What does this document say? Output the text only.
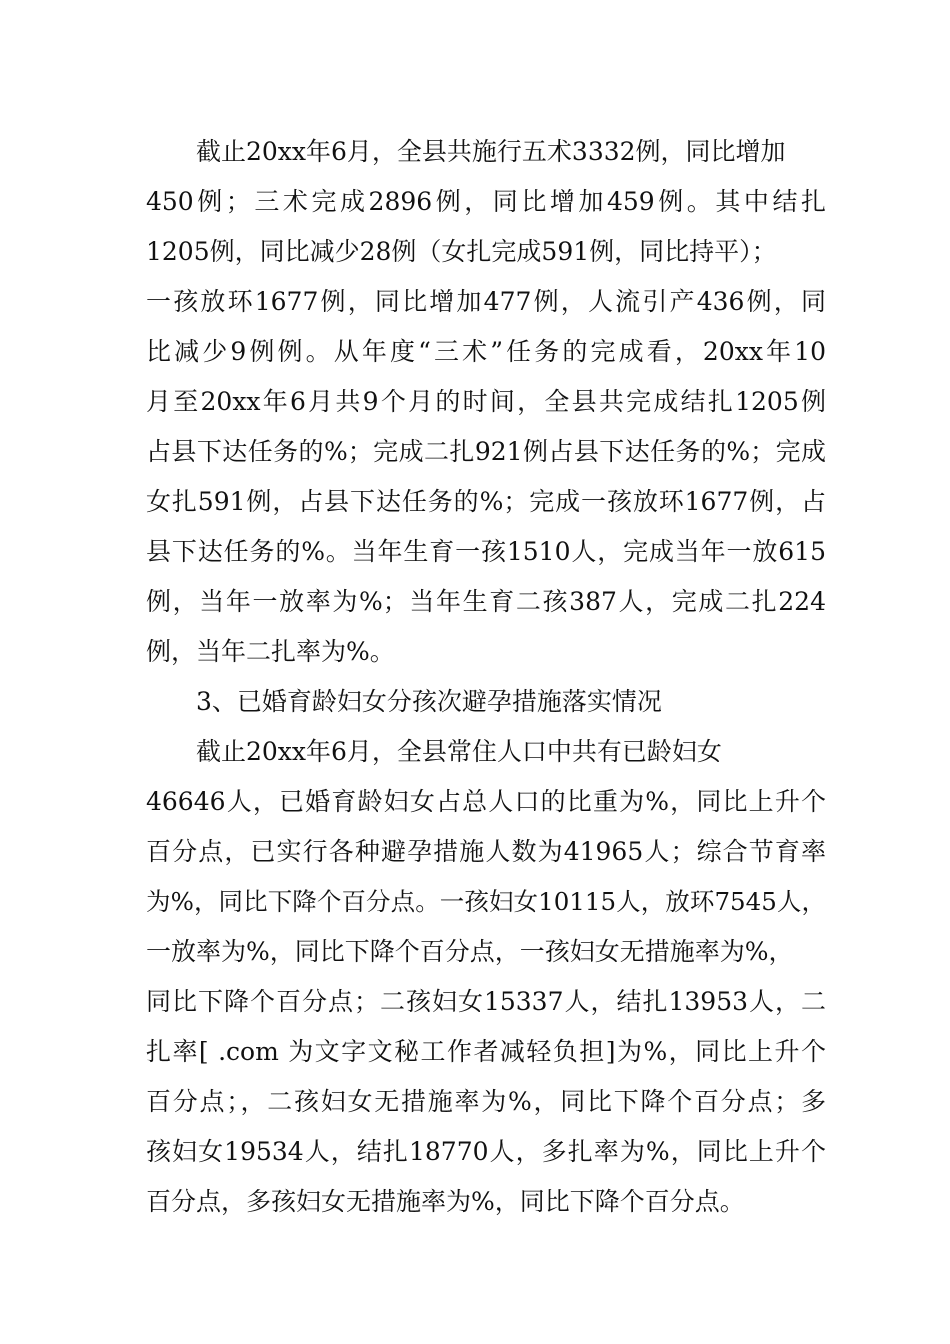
　　截止20xx年6月，全县共施行五术3332例，同比增加
450例；三术完成2896例，同比增加459例。其中结扎
1205例，同比减少28例（女扎完成591例，同比持平）；
一孩放环1677例，同比增加477例，人流引产436例，同
比减少9例例。从年度“三术”任务的完成看，20xx年10
月至20xx年6月共9个月的时间，全县共完成结扎1205例
占县下达任务的%；完成二扎921例占县下达任务的%；完成
女扎591例，占县下达任务的%；完成一孩放环1677例，占
县下达任务的%。当年生育一孩1510人，完成当年一放615
例，当年一放率为%；当年生育二孩387人，完成二扎224
例，当年二扎率为%。
　　3、已婚育龄妇女分孩次避孕措施落实情况
　　截止20xx年6月，全县常住人口中共有已龄妇女
46646人，已婚育龄妇女占总人口的比重为%，同比上升个
百分点，已实行各种避孕措施人数为41965人；综合节育率
为%，同比下降个百分点。一孩妇女10115人，放环7545人，
一放率为%，同比下降个百分点，一孩妇女无措施率为%，
同比下降个百分点；二孩妇女15337人，结扎13953人，二
扎率[ .com 为文字文秘工作者减轻负担]为%，同比上升个
百分点；，二孩妇女无措施率为%，同比下降个百分点；多
孩妇女19534人，结扎18770人，多扎率为%，同比上升个
百分点，多孩妇女无措施率为%，同比下降个百分点。
